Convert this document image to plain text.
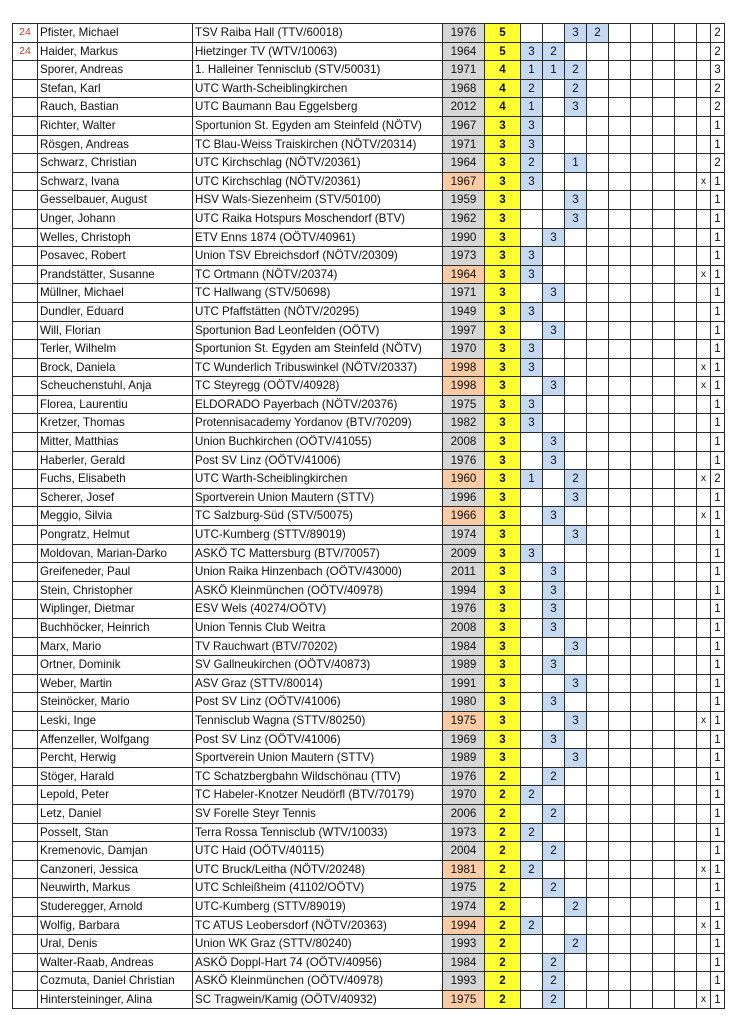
24	Pfister, Michael	TSV Raiba Hall (TTV/60018)	1976	5			3	2						2
24	Haider, Markus	Hietzinger TV (WTV/10063)	1964	5	3	2								2
	Sporer, Andreas	1. Halleiner Tennisclub (STV/50031)	1971	4	1	1	2							3
	Stefan, Karl	UTC Warth-Scheiblingkirchen	1968	4	2		2							2
	Rauch, Bastian	UTC Baumann Bau Eggelsberg	2012	4	1		3							2
	Richter, Walter	Sportunion St. Egyden am Steinfeld (NÖTV)	1967	3	3									1
	Rösgen, Andreas	TC Blau-Weiss Traiskirchen (NÖTV/20314)	1971	3	3									1
	Schwarz, Christian	UTC Kirchschlag (NÖTV/20361)	1964	3	2		1							2
	Schwarz, Ivana	UTC Kirchschlag (NÖTV/20361)	1967	3	3								x	1
	Gesselbauer, August	HSV Wals-Siezenheim (STV/50100)	1959	3			3							1
	Unger, Johann	UTC Raika Hotspurs Moschendorf (BTV)	1962	3			3							1
	Welles, Christoph	ETV Enns 1874 (OÖTV/40961)	1990	3		3								1
	Posavec, Robert	Union TSV Ebreichsdorf (NÖTV/20309)	1973	3	3									1
	Prandstätter, Susanne	TC Ortmann (NÖTV/20374)	1964	3	3								x	1
	Müllner, Michael	TC Hallwang (STV/50698)	1971	3		3								1
	Dundler, Eduard	UTC Pfaffstätten (NÖTV/20295)	1949	3	3									1
	Will, Florian	Sportunion Bad Leonfelden (OÖTV)	1997	3		3								1
	Terler, Wilhelm	Sportunion St. Egyden am Steinfeld (NÖTV)	1970	3	3									1
	Brock, Daniela	TC Wunderlich Tribuswinkel (NÖTV/20337)	1998	3	3								x	1
	Scheuchenstuhl, Anja	TC Steyregg (OÖTV/40928)	1998	3		3							x	1
	Florea, Laurentiu	ELDORADO Payerbach (NÖTV/20376)	1975	3	3									1
	Kretzer, Thomas	Protennisacademy Yordanov (BTV/70209)	1982	3	3									1
	Mitter, Matthias	Union Buchkirchen (OÖTV/41055)	2008	3		3								1
	Haberler, Gerald	Post SV Linz (OÖTV/41006)	1976	3		3								1
	Fuchs, Elisabeth	UTC Warth-Scheiblingkirchen	1960	3	1		2						x	2
	Scherer, Josef	Sportverein Union Mautern (STTV)	1996	3			3							1
	Meggio, Silvia	TC Salzburg-Süd (STV/50075)	1966	3		3							x	1
	Pongratz, Helmut	UTC-Kumberg (STTV/89019)	1974	3			3							1
	Moldovan, Marian-Darko	ASKÖ TC Mattersburg (BTV/70057)	2009	3	3									1
	Greifeneder, Paul	Union Raika Hinzenbach (OÖTV/43000)	2011	3		3								1
	Stein, Christopher	ASKÖ Kleinmünchen (OÖTV/40978)	1994	3		3								1
	Wiplinger, Dietmar	ESV Wels (40274/OÖTV)	1976	3		3								1
	Buchhöcker, Heinrich	Union Tennis Club Weitra	2008	3		3								1
	Marx, Mario	TV Rauchwart (BTV/70202)	1984	3			3							1
	Ortner, Dominik	SV Gallneukirchen (OÖTV/40873)	1989	3		3								1
	Weber, Martin	ASV Graz (STTV/80014)	1991	3			3							1
	Steinöcker, Mario	Post SV Linz (OÖTV/41006)	1980	3		3								1
	Leski, Inge	Tennisclub Wagna (STTV/80250)	1975	3			3						x	1
	Affenzeller, Wolfgang	Post SV Linz (OÖTV/41006)	1969	3		3								1
	Percht, Herwig	Sportverein Union Mautern (STTV)	1989	3			3							1
	Stöger, Harald	TC Schatzbergbahn Wildschönau (TTV)	1976	2		2								1
	Lepold, Peter	TC Habeler-Knotzer Neudörfl (BTV/70179)	1970	2	2									1
	Letz, Daniel	SV Forelle Steyr Tennis	2006	2		2								1
	Posselt, Stan	Terra Rossa Tennisclub (WTV/10033)	1973	2	2									1
	Kremenovic, Damjan	UTC Haid (OÖTV/40115)	2004	2		2								1
	Canzoneri, Jessica	UTC Bruck/Leitha (NÖTV/20248)	1981	2	2								x	1
	Neuwirth, Markus	UTC Schleißheim (41102/OÖTV)	1975	2		2								1
	Studeregger, Arnold	UTC-Kumberg (STTV/89019)	1974	2			2							1
	Wolfig, Barbara	TC ATUS Leobersdorf (NÖTV/20363)	1994	2	2								x	1
	Ural, Denis	Union WK Graz (STTV/80240)	1993	2			2							1
	Walter-Raab, Andreas	ASKÖ Doppl-Hart 74 (OÖTV/40956)	1984	2		2								1
	Cozmuta, Daniel Christian	ASKÖ Kleinmünchen (OÖTV/40978)	1993	2		2								1
	Hintersteininger, Alina	SC Tragwein/Kamig (OÖTV/40932)	1975	2		2							x	1
